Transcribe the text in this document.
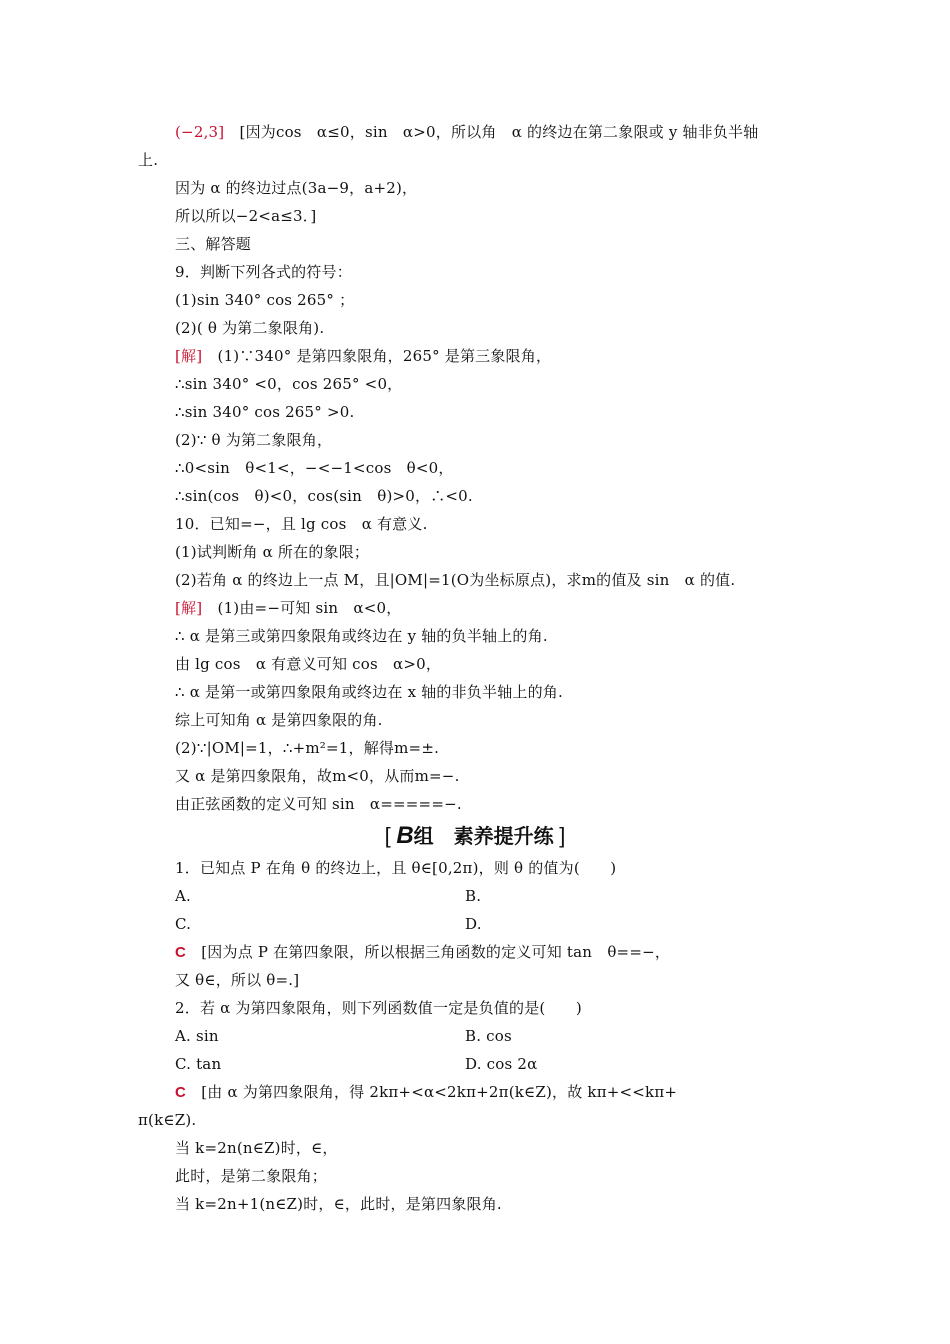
(−2,3]　[因为cos　α≤0，sin　α>0，所以角　α 的终边在第二象限或 y 轴非负半轴
上.
因为 α 的终边过点(3a−9，a+2)，
所以所以−2<a≤3．]
三、解答题
9．判断下列各式的符号：
(1)sin 340° cos 265° ；
(2)( θ 为第二象限角).
[解]　(1)∵340° 是第四象限角，265° 是第三象限角，
∴sin 340° <0，cos 265° <0，
∴sin 340° cos 265° >0.
(2)∵ θ 为第二象限角，
∴0<sin　θ<1<，−<−1<cos　θ<0，
∴sin(cos　θ)<0，cos(sin　θ)>0，∴<0.
10．已知=−，且 lg cos　α 有意义.
(1)试判断角 α 所在的象限；
(2)若角 α 的终边上一点 M，且|OM|=1(O为坐标原点)，求m的值及 sin　α 的值.
[解]　(1)由=−可知 sin　α<0，
∴ α 是第三或第四象限角或终边在 y 轴的负半轴上的角.
由 lg cos　α 有意义可知 cos　α>0，
∴ α 是第一或第四象限角或终边在 x 轴的非负半轴上的角.
综上可知角 α 是第四象限的角.
(2)∵|OM|=1，∴+m²=1，解得m=±.
又 α 是第四象限角，故m<0，从而m=−.
由正弦函数的定义可知 sin　α=====−.
1．已知点 P 在角 θ 的终边上，且 θ∈[0,2π)，则 θ 的值为(　　)
A.	B.
C.	D.
C　[因为点 P 在第四象限，所以根据三角函数的定义可知 tan　θ==−，
又 θ∈，所以 θ=.]
2．若 α 为第四象限角，则下列函数值一定是负值的是(　　)
A. sin	B. cos
C. tan	D. cos 2α
C　[由 α 为第四象限角，得 2kπ+<α<2kπ+2π(k∈Z)，故 kπ+<<kπ+
π(k∈Z).
当 k=2n(n∈Z)时，∈，
此时，是第二象限角；
当 k=2n+1(n∈Z)时，∈，此时，是第四象限角.
[ B组　素养提升练 ]
